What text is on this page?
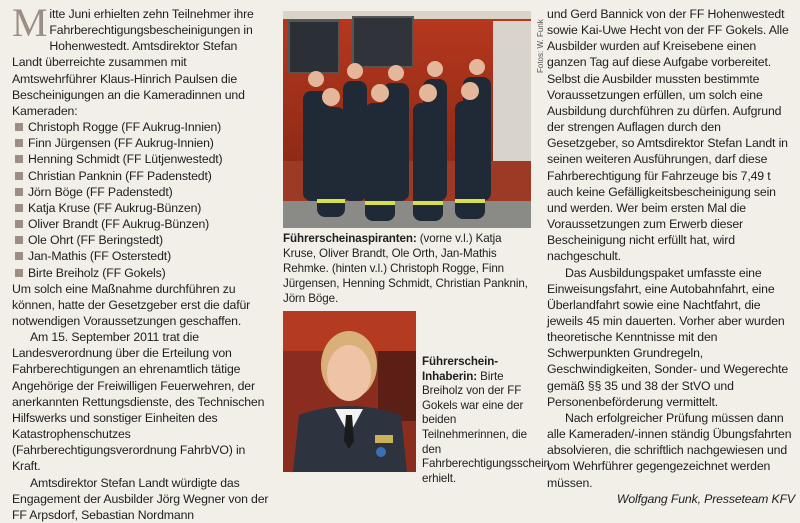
Mitte Juni erhielten zehn Teilnehmer ihre Fahrberechtigungsbescheinigungen in Hohenwestedt. Amtsdirektor Stefan Landt überreichte zusammen mit Amtswehrführer Klaus-Hinrich Paulsen die Bescheinigungen an die Kameradinnen und Kameraden:

Christoph Rogge (FF Aukrug-Innien)
Finn Jürgensen (FF Aukrug-Innien)
Henning Schmidt (FF Lütjenwestedt)
Christian Panknin (FF Padenstedt)
Jörn Böge (FF Padenstedt)
Katja Kruse (FF Aukrug-Bünzen)
Oliver Brandt (FF Aukrug-Bünzen)
Ole Ohrt (FF Beringstedt)
Jan-Mathis (FF Osterstedt)
Birte Breiholz (FF Gokels)

Um solch eine Maßnahme durchführen zu können, hatte der Gesetzgeber erst die dafür notwendigen Voraussetzungen geschaffen.

Am 15. September 2011 trat die Landesverordnung über die Erteilung von Fahrberechtigungen an ehrenamtlich tätige Angehörige der Freiwilligen Feuerwehren, der anerkannten Rettungsdienste, des Technischen Hilfswerks und sonstiger Einheiten des Katastrophenschutzes (Fahrberechtigungsverordnung FahrbVO) in Kraft.

Amtsdirektor Stefan Landt würdigte das Engagement der Ausbilder Jörg Wegner von der FF Arpsdorf, Sebastian Nordmann

Fotos: W. Funk
Führerscheinaspiranten: (vorne v.l.) Katja Kruse, Oliver Brandt, Ole Orth, Jan-Mathis Rehmke. (hinten v.l.) Christoph Rogge, Finn Jürgensen, Henning Schmidt, Christian Panknin, Jörn Böge.
Führerschein-Inhaberin: Birte Breiholz von der FF Gokels war eine der beiden Teilnehmerinnen, die den Fahrberechtigungsschein erhielt.

und Gerd Bannick von der FF Hohenwestedt sowie Kai-Uwe Hecht von der FF Gokels. Alle Ausbilder wurden auf Kreisebene einen ganzen Tag auf diese Aufgabe vorbereitet. Selbst die Ausbilder mussten bestimmte Voraussetzungen erfüllen, um solch eine Ausbildung durchführen zu dürfen. Aufgrund der strengen Auflagen durch den Gesetzgeber, so Amtsdirektor Stefan Landt in seinen weiteren Ausführungen, darf diese Fahrberechtigung für Fahrzeuge bis 7,49 t auch keine Gefälligkeitsbescheinigung sein und werden. Wer beim ersten Mal die Voraussetzungen zum Erwerb dieser Bescheinigung nicht erfüllt hat, wird nachgeschult.

Das Ausbildungspaket umfasste eine Einweisungsfahrt, eine Autobahnfahrt, eine Überlandfahrt sowie eine Nachtfahrt, die jeweils 45 min dauerten. Vorher aber wurden theoretische Kenntnisse mit den Schwerpunkten Grundregeln, Geschwindigkeiten, Sonder- und Wegerechte gemäß §§ 35 und 38 der StVO und Personenbeförderung vermittelt.

Nach erfolgreicher Prüfung müssen dann alle Kameraden/-innen ständig Übungsfahrten absolvieren, die schriftlich nachgewiesen und vom Wehrführer gegengezeichnet werden müssen.

Wolfgang Funk, Presseteam KFV
